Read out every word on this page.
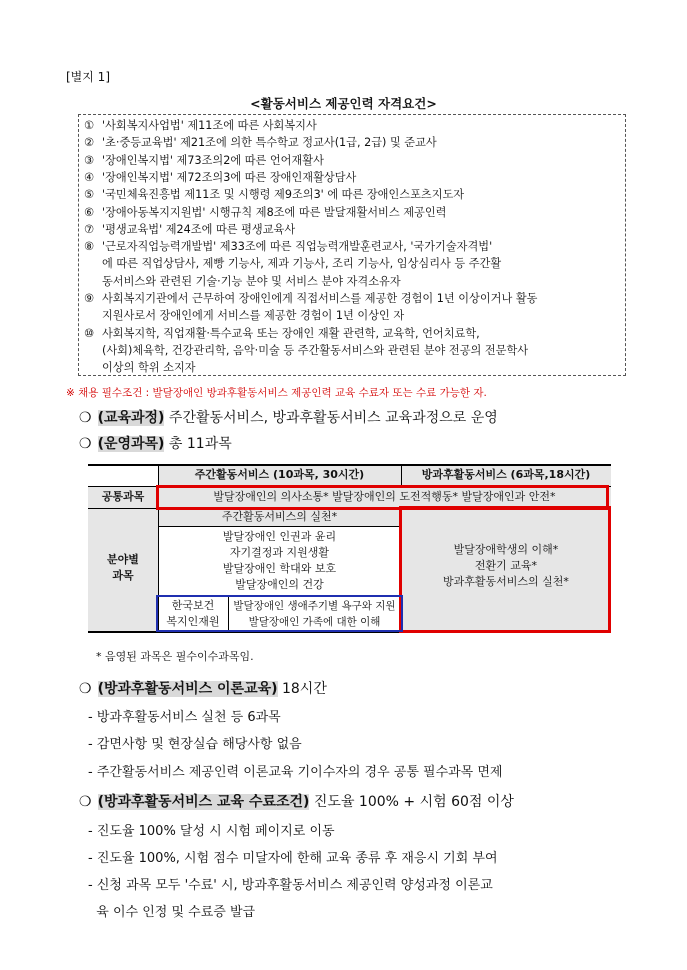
[별지 1]
<활동서비스 제공인력 자격요건>
① '사회복지사업법' 제11조에 따른 사회복지사
② '초·중등교육법' 제21조에 의한 특수학교 정교사(1급, 2급) 및 준교사
③ '장애인복지법' 제73조의2에 따른 언어재활사
④ '장애인복지법' 제72조의3에 따른 장애인재활상담사
⑤ '국민체육진흥법 제11조 및 시행령 제9조의3' 에 따른 장애인스포츠지도자
⑥ '장애아동복지지원법' 시행규칙 제8조에 따른 발달재활서비스 제공인력
⑦ '평생교육법' 제24조에 따른 평생교육사
⑧ '근로자직업능력개발법' 제33조에 따른 직업능력개발훈련교사, '국가기술자격법'
에 따른 직업상담사, 제빵 기능사, 제과 기능사, 조리 기능사, 임상심리사 등 주간활
동서비스와 관련된 기술·기능 분야 및 서비스 분야 자격소유자
⑨ 사회복지기관에서 근무하여 장애인에게 직접서비스를 제공한 경험이 1년 이상이거나 활동
지원사로서 장애인에게 서비스를 제공한 경험이 1년 이상인 자
⑩ 사회복지학, 직업재활·특수교육 또는 장애인 재활 관련학, 교육학, 언어치료학,
(사회)체육학, 건강관리학, 음악·미술 등 주간활동서비스와 관련된 분야 전공의 전문학사
이상의 학위 소지자
※ 채용 필수조건 : 발달장애인 방과후활동서비스 제공인력 교육 수료자 또는 수료 가능한 자.
❍ (교육과정) 주간활동서비스, 방과후활동서비스 교육과정으로 운영
❍ (운영과목) 총 11과목
주간활동서비스 (10과목, 30시간)	방과후활동서비스 (6과목,18시간)
공통과목	발달장애인의 의사소통* 발달장애인의 도전적행동* 발달장애인과 안전*
분야별
과목
주간활동서비스의 실천*
발달장애인 인권과 윤리
자기결정과 지원생활
발달장애인 학대와 보호
발달장애인의 건강
한국보건
복지인재원
발달장애인 생애주기별 욕구와 지원
발달장애인 가족에 대한 이해
발달장애학생의 이해*
전환기 교육*
방과후활동서비스의 실천*
* 음영된 과목은 필수이수과목임.
❍ (방과후활동서비스 이론교육) 18시간
- 방과후활동서비스 실천 등 6과목
- 감면사항 및 현장실습 해당사항 없음
- 주간활동서비스 제공인력 이론교육 기이수자의 경우 공통 필수과목 면제
❍ (방과후활동서비스 교육 수료조건) 진도율 100% + 시험 60점 이상
- 진도율 100% 달성 시 시험 페이지로 이동
- 진도율 100%, 시험 점수 미달자에 한해 교육 종류 후 재응시 기회 부여
- 신청 과목 모두 '수료' 시, 방과후활동서비스 제공인력 양성과정 이론교
육 이수 인정 및 수료증 발급
